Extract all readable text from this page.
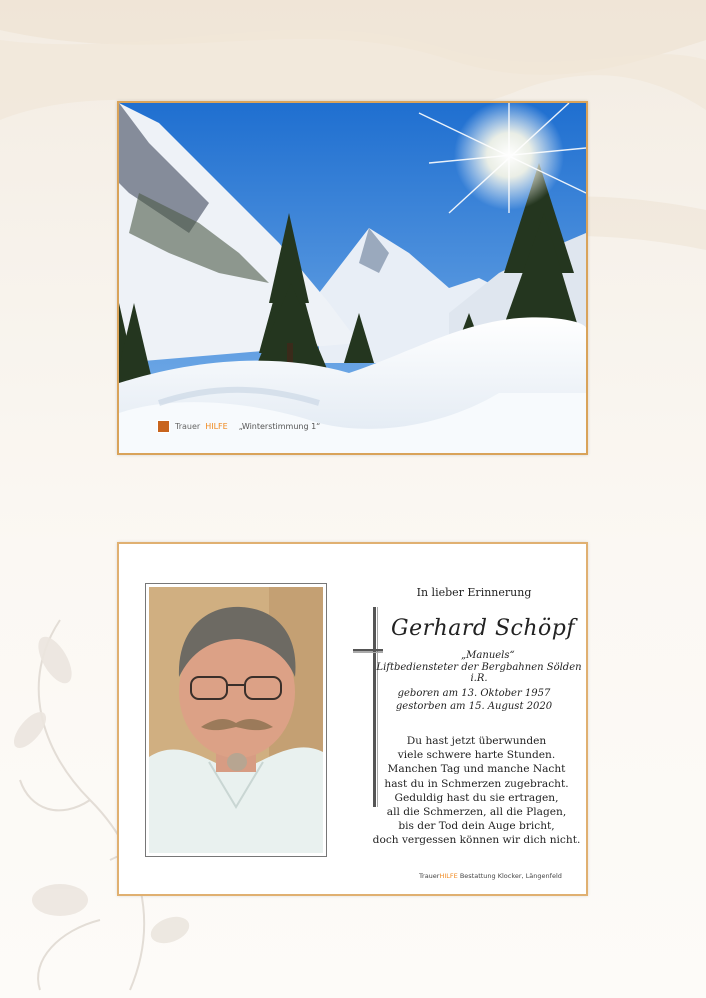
Trauer HILFE „Winterstimmung 1“
In lieber Erinnerung
Gerhard Schöpf
„Manuels“
Liftbediensteter der Bergbahnen Sölden i.R.
geboren am 13. Oktober 1957
gestorben am 15. August 2020
Du hast jetzt überwunden
viele schwere harte Stunden.
Manchen Tag und manche Nacht
hast du in Schmerzen zugebracht.
Geduldig hast du sie ertragen,
all die Schmerzen, all die Plagen,
bis der Tod dein Auge bricht,
doch vergessen können wir dich nicht.
TrauerHILFE Bestattung Klocker, Längenfeld
